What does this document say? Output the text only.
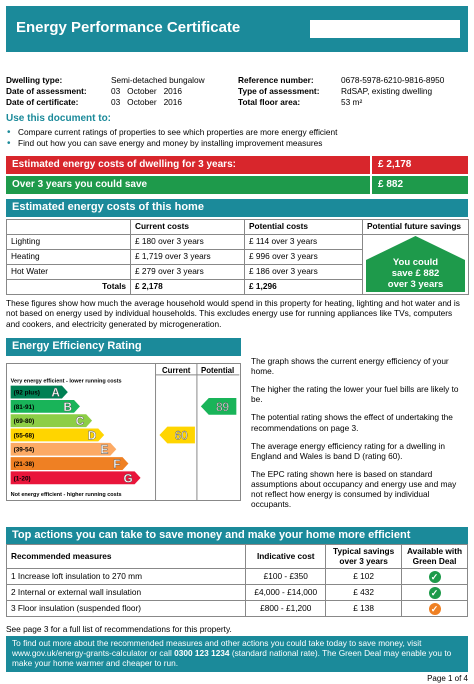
Energy Performance Certificate
Dwelling type:	Semi-detached bungalow	Reference number:	0678-5978-6210-9816-8950
Date of assessment:	03   October   2016	Type of assessment:	RdSAP, existing dwelling
Date of certificate:	03   October   2016	Total floor area:	53 m²
Use this document to:
• Compare current ratings of properties to see which properties are more energy efficient
• Find out how you can save energy and money by installing improvement measures
Estimated energy costs of dwelling for 3 years:	£ 2,178
Over 3 years you could save	£ 882
Estimated energy costs of this home
	Current costs	Potential costs	Potential future savings
Lighting	£ 180 over 3 years	£ 114 over 3 years	
Heating	£ 1,719 over 3 years	£ 996 over 3 years	
Hot Water	£ 279 over 3 years	£ 186 over 3 years	
Totals	£ 2,178	£ 1,296	
You could
save £ 882
over 3 years
These figures show how much the average household would spend in this property for heating, lighting and hot water and is not based on energy used by individual households. This excludes energy use for running appliances like TVs, computers and cookers, and electricity generated by microgeneration.
Energy Efficiency Rating
Current Potential
Very energy efficient - lower running costs
Not energy efficient - higher running costs
(92 plus) A
(81-91) B
(69-80)	C
(55-68)	D
(39-54)	E
(21-38)	F
(1-20)	G
60
89

The graph shows the current energy efficiency of your home.

The higher the rating the lower your fuel bills are likely to be.

The potential rating shows the effect of undertaking the recommendations on page 3.

The average energy efficiency rating for a dwelling in England and Wales is band D (rating 60).

The EPC rating shown here is based on standard assumptions about occupancy and energy use and may not reflect how energy is consumed by individual occupants.

Top actions you can take to save money and make your home more efficient
Recommended measures	Indicative cost	Typical savings over 3 years	Available with Green Deal
1 Increase loft insulation to 270 mm	£100 - £350	£ 102	✓
2 Internal or external wall insulation	£4,000 - £14,000	£ 432	✓
3 Floor insulation (suspended floor)	£800 - £1,200	£ 138	✓
See page 3 for a full list of recommendations for this property.
To find out more about the recommended measures and other actions you could take today to save money, visit
www.gov.uk/energy-grants-calculator or call 0300 123 1234 (standard national rate). The Green Deal may enable you to
make your home warmer and cheaper to run.
Page 1 of 4
